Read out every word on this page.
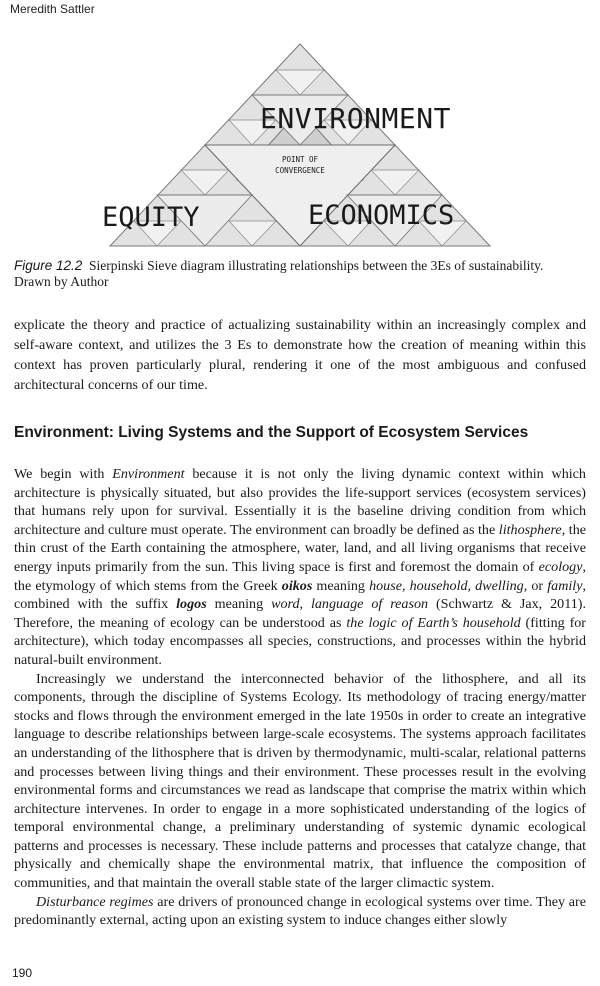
Meredith Sattler
ENVIRONMENT
EQUITY	ECONOMICS
POINT OF
CONVERGENCE
Figure 12.2 Sierpinski Sieve diagram illustrating relationships between the 3Es of sustainability.
Drawn by Author

explicate the theory and practice of actualizing sustainability within an increasingly complex and self-aware context, and utilizes the 3 Es to demonstrate how the creation of meaning within this context has proven particularly plural, rendering it one of the most ambiguous and confused architectural concerns of our time.

Environment: Living Systems and the Support of Ecosystem Services

We begin with Environment because it is not only the living dynamic context within which architecture is physically situated, but also provides the life-support services (ecosystem services) that humans rely upon for survival. Essentially it is the baseline driving condition from which architecture and culture must operate. The environment can broadly be defined as the lithosphere, the thin crust of the Earth containing the atmosphere, water, land, and all living organisms that receive energy inputs primarily from the sun. This living space is first and foremost the domain of ecology, the etymology of which stems from the Greek oikos meaning house, household, dwelling, or family, combined with the suffix logos meaning word, language of reason (Schwartz & Jax, 2011). Therefore, the meaning of ecology can be understood as the logic of Earth’s household (fitting for architecture), which today encompasses all species, constructions, and processes within the hybrid natural-built environment.

Increasingly we understand the interconnected behavior of the lithosphere, and all its components, through the discipline of Systems Ecology. Its methodology of tracing energy/matter stocks and flows through the environment emerged in the late 1950s in order to create an integrative language to describe relationships between large-scale ecosystems. The systems approach facilitates an understanding of the lithosphere that is driven by thermodynamic, multi-scalar, relational patterns and processes between living things and their environment. These processes result in the evolving environmental forms and circumstances we read as landscape that comprise the matrix within which architecture intervenes. In order to engage in a more sophisticated understanding of the logics of temporal environmental change, a preliminary understanding of systemic dynamic ecological patterns and processes is necessary. These include patterns and processes that catalyze change, that physically and chemically shape the environmental matrix, that influence the composition of communities, and that maintain the overall stable state of the larger climactic system.

Disturbance regimes are drivers of pronounced change in ecological systems over time. They are predominantly external, acting upon an existing system to induce changes either slowly

190
